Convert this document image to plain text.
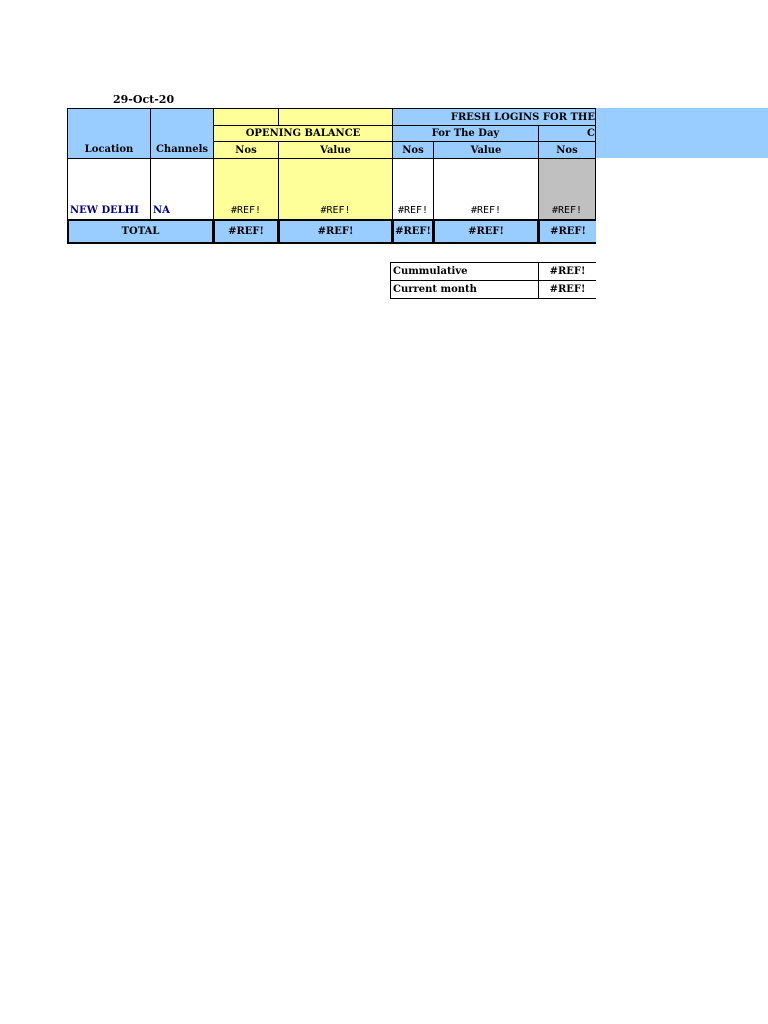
29-Oct-20
Location	Channels
FRESH LOGINS FOR THE
OPENING BALANCE	For The Day	C
Nos	Value	Nos	Value	Nos
NEW DELHI	NA	#REF!	#REF!	#REF!	#REF!	#REF!
TOTAL	#REF!	#REF!	#REF!	#REF!	#REF!
Cummulative	#REF!
Current month	#REF!
